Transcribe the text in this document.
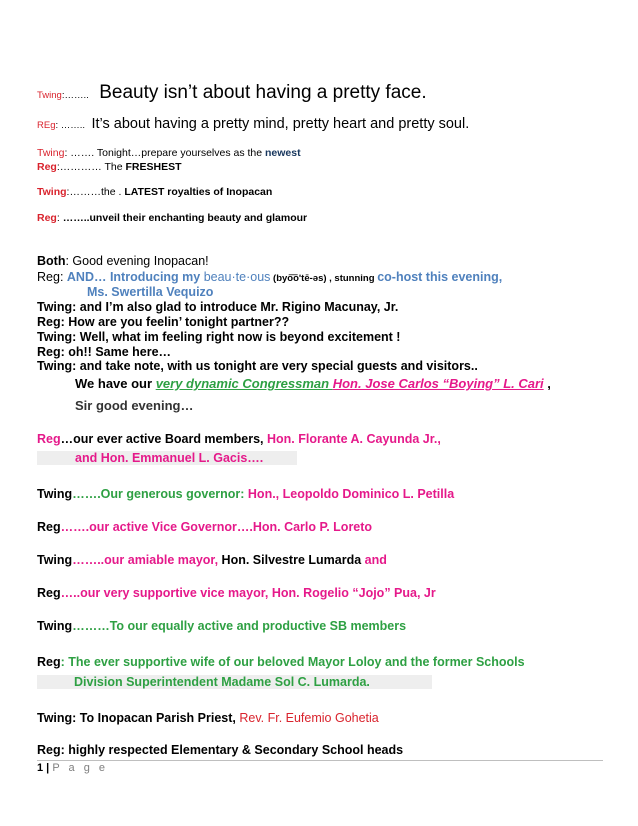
Twing:…….. Beauty isn’t about having a pretty face.
REg: …….. It’s about having a pretty mind, pretty heart and pretty soul.
Twing: ……. Tonight…prepare yourselves as the newest
Reg:………… The FRESHEST
Twing:………the . LATEST royalties of Inopacan
Reg: ……..unveil their enchanting beauty and glamour
Both: Good evening Inopacan!
Reg: AND… Introducing my beau·te·ous (byo͞oʹtē-əs) , stunning co-host this evening,
Ms. Swertilla Vequizo
Twing: and I’m also glad to introduce Mr. Rigino Macunay, Jr.
Reg: How are you feelin’ tonight partner??
Twing: Well, what im feeling right now is beyond excitement !
Reg: oh!! Same here…
Twing: and take note, with us tonight are very special guests and visitors..
We have our very dynamic Congressman Hon. Jose Carlos “Boying” L. Cari ,
Sir good evening…
Reg…our ever active Board members, Hon. Florante A. Cayunda Jr.,
and Hon. Emmanuel L. Gacis….
Twing…….Our generous governor: Hon., Leopoldo Dominico L. Petilla
Reg…….our active Vice Governor….Hon. Carlo P. Loreto
Twing……..our amiable mayor, Hon. Silvestre Lumarda and
Reg…..our very supportive vice mayor, Hon. Rogelio “Jojo” Pua, Jr
Twing………To our equally active and productive SB members
Reg: The ever supportive wife of our beloved Mayor Loloy and the former Schools
Division Superintendent Madame Sol C. Lumarda.
Twing: To Inopacan Parish Priest, Rev. Fr. Eufemio Gohetia
Reg: highly respected Elementary & Secondary School heads
1 | P a g e
